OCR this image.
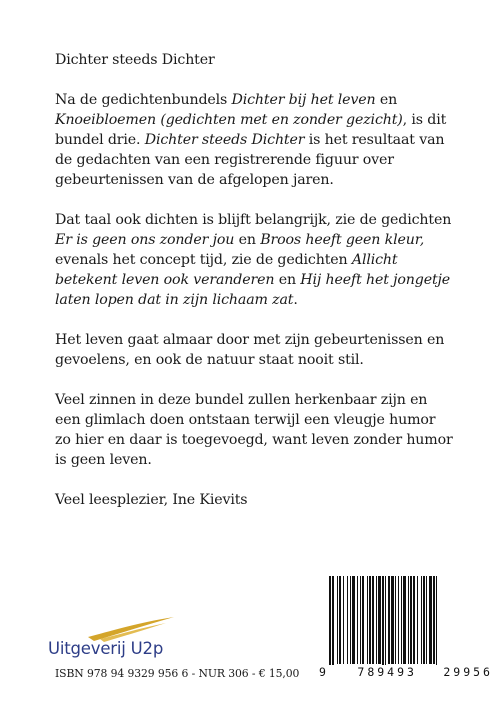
Dichter steeds Dichter

Na de gedichtenbundels Dichter bij het leven en Knoeibloemen (gedichten met en zonder gezicht), is dit bundel drie. Dichter steeds Dichter is het resultaat van de gedachten van een registrerende figuur over gebeurtenissen van de afgelopen jaren.

Dat taal ook dichten is blijft belangrijk, zie de gedichten Er is geen ons zonder jou en Broos heeft geen kleur, evenals het concept tijd, zie de gedichten Allicht betekent leven ook veranderen en Hij heeft het jongetje laten lopen dat in zijn lichaam zat.

Het leven gaat almaar door met zijn gebeurtenissen en gevoelens, en ook de natuur staat nooit stil.

Veel zinnen in deze bundel zullen herkenbaar zijn en een glimlach doen ontstaan terwijl een vleugje humor zo hier en daar is toegevoegd, want leven zonder humor is geen leven.

Veel leesplezier, Ine Kievits

Uitgeverij U2p
ISBN 978 94 9329 956 6 - NUR 306 - € 15,00 9	789493 29956
